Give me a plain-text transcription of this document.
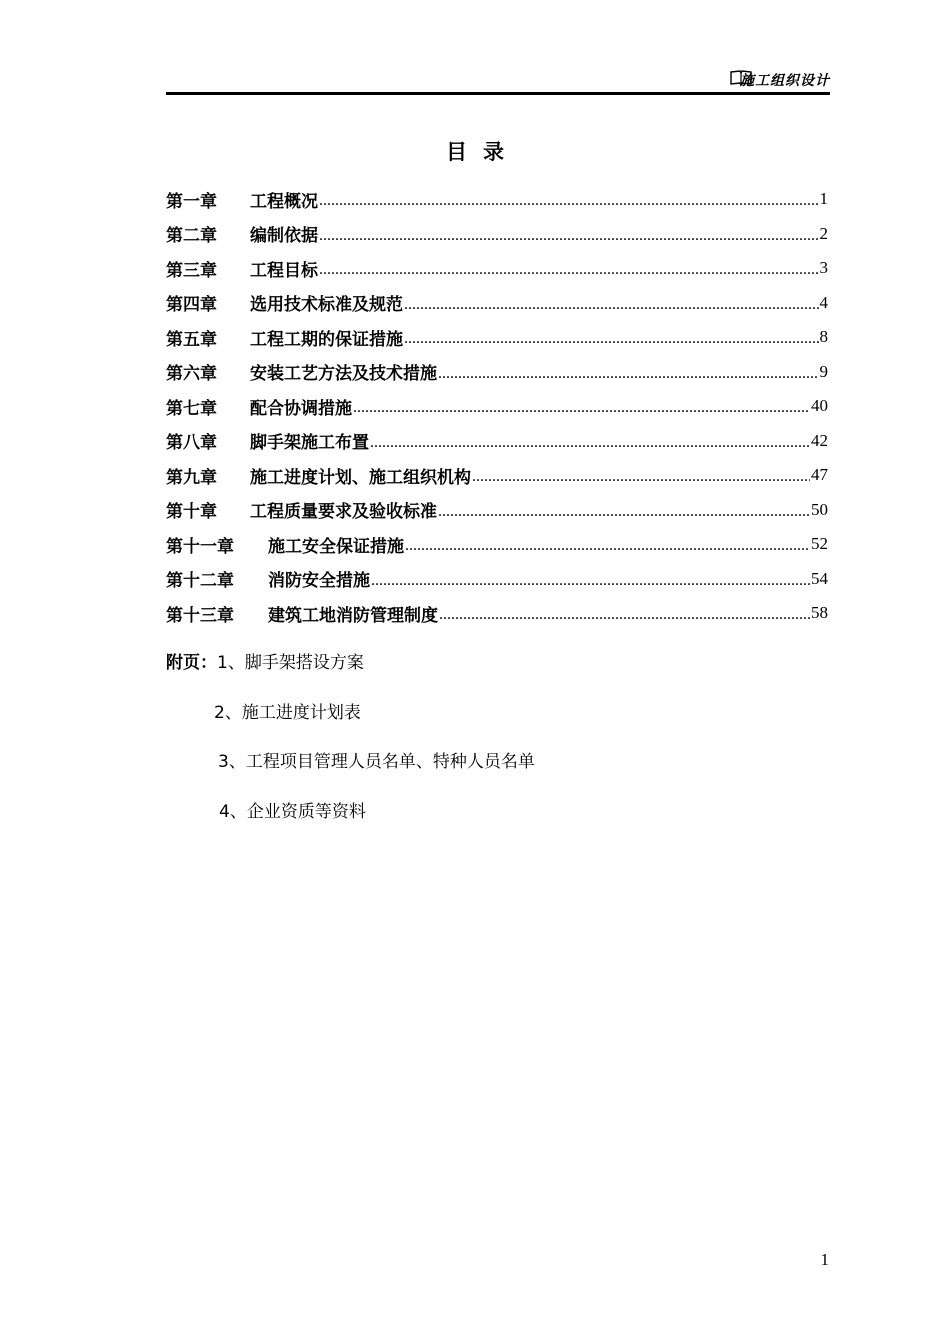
施工组织设计
目录
第一章	工程概况 .....	1
第二章	编制依据 .....	2
第三章	工程目标 .....	3
第四章	选用技术标准及规范 .....	4
第五章	工程工期的保证措施 .....	8
第六章	安装工艺方法及技术措施 .....	9
第七章	配合协调措施 .....	40
第八章	脚手架施工布置 .....	42
第九章	施工进度计划、施工组织机构 .....	47
第十章	工程质量要求及验收标准 .....	50
第十一章	施工安全保证措施 .....	52
第十二章	消防安全措施 .....	54
第十三章	建筑工地消防管理制度 .....	58
附页：1、脚手架搭设方案
2、施工进度计划表
3、工程项目管理人员名单、特种人员名单
4、企业资质等资料
1
